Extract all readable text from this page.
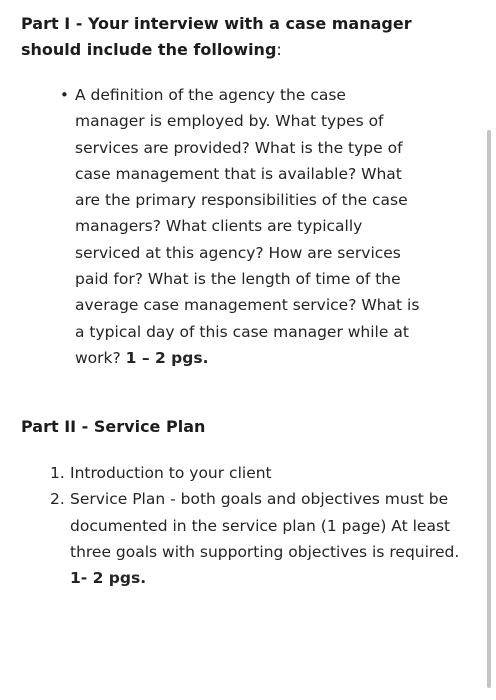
Part I - Your interview with a case manager should include the following:
• A definition of the agency the case manager is employed by. What types of services are provided? What is the type of case management that is available? What are the primary responsibilities of the case managers? What clients are typically serviced at this agency? How are services paid for? What is the length of time of the average case management service? What is a typical day of this case manager while at work? 1 – 2 pgs.
Part II - Service Plan
1. Introduction to your client
2. Service Plan - both goals and objectives must be documented in the service plan (1 page) At least three goals with supporting objectives is required. 1- 2 pgs.
